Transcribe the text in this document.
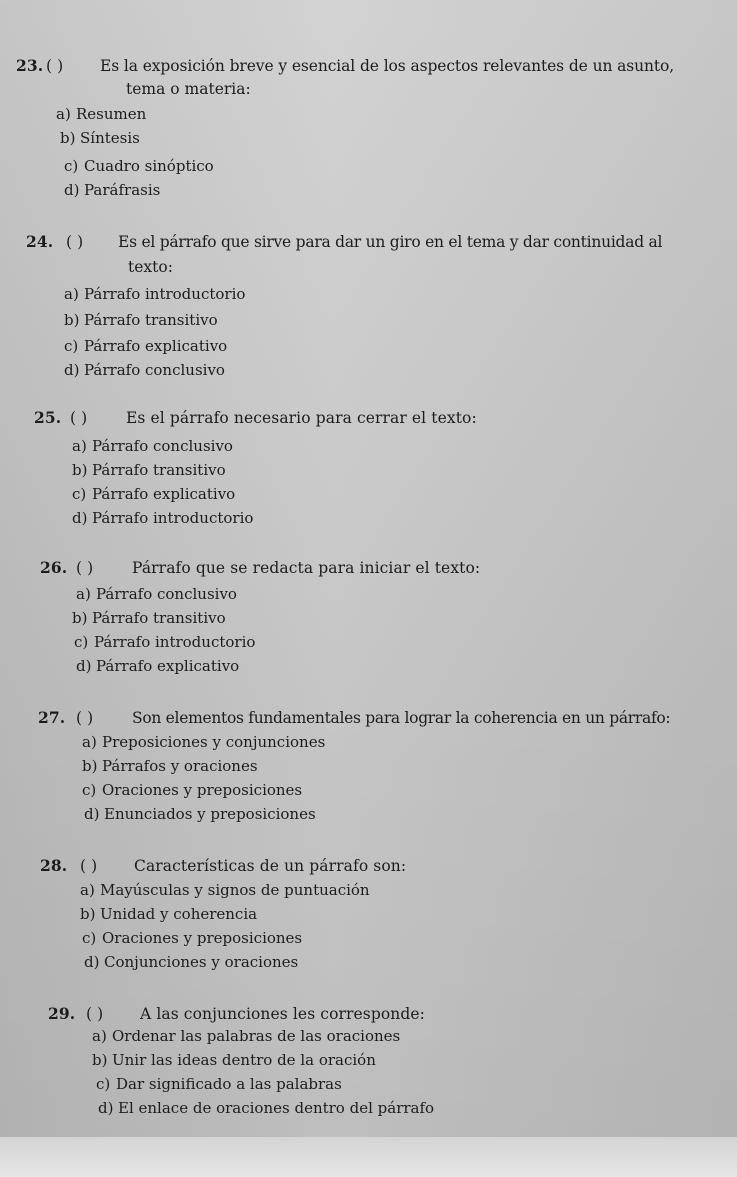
23. ( ) Es la exposición breve y esencial de los aspectos relevantes de un asunto,
tema o materia:
a) Resumen
b) Síntesis
c) Cuadro sinóptico
d) Paráfrasis
24. ( ) Es el párrafo que sirve para dar un giro en el tema y dar continuidad al
texto:
a) Párrafo introductorio
b) Párrafo transitivo
c) Párrafo explicativo
d) Párrafo conclusivo
25. ( ) Es el párrafo necesario para cerrar el texto:
a) Párrafo conclusivo
b) Párrafo transitivo
c) Párrafo explicativo
d) Párrafo introductorio
26. ( ) Párrafo que se redacta para iniciar el texto:
a) Párrafo conclusivo
b) Párrafo transitivo
c) Párrafo introductorio
d) Párrafo explicativo
27. ( ) Son elementos fundamentales para lograr la coherencia en un párrafo:
a) Preposiciones y conjunciones
b) Párrafos y oraciones
c) Oraciones y preposiciones
d) Enunciados y preposiciones
28. ( ) Características de un párrafo son:
a) Mayúsculas y signos de puntuación
b) Unidad y coherencia
c) Oraciones y preposiciones
d) Conjunciones y oraciones
29. ( ) A las conjunciones les corresponde:
a) Ordenar las palabras de las oraciones
b) Unir las ideas dentro de la oración
c) Dar significado a las palabras
d) El enlace de oraciones dentro del párrafo
